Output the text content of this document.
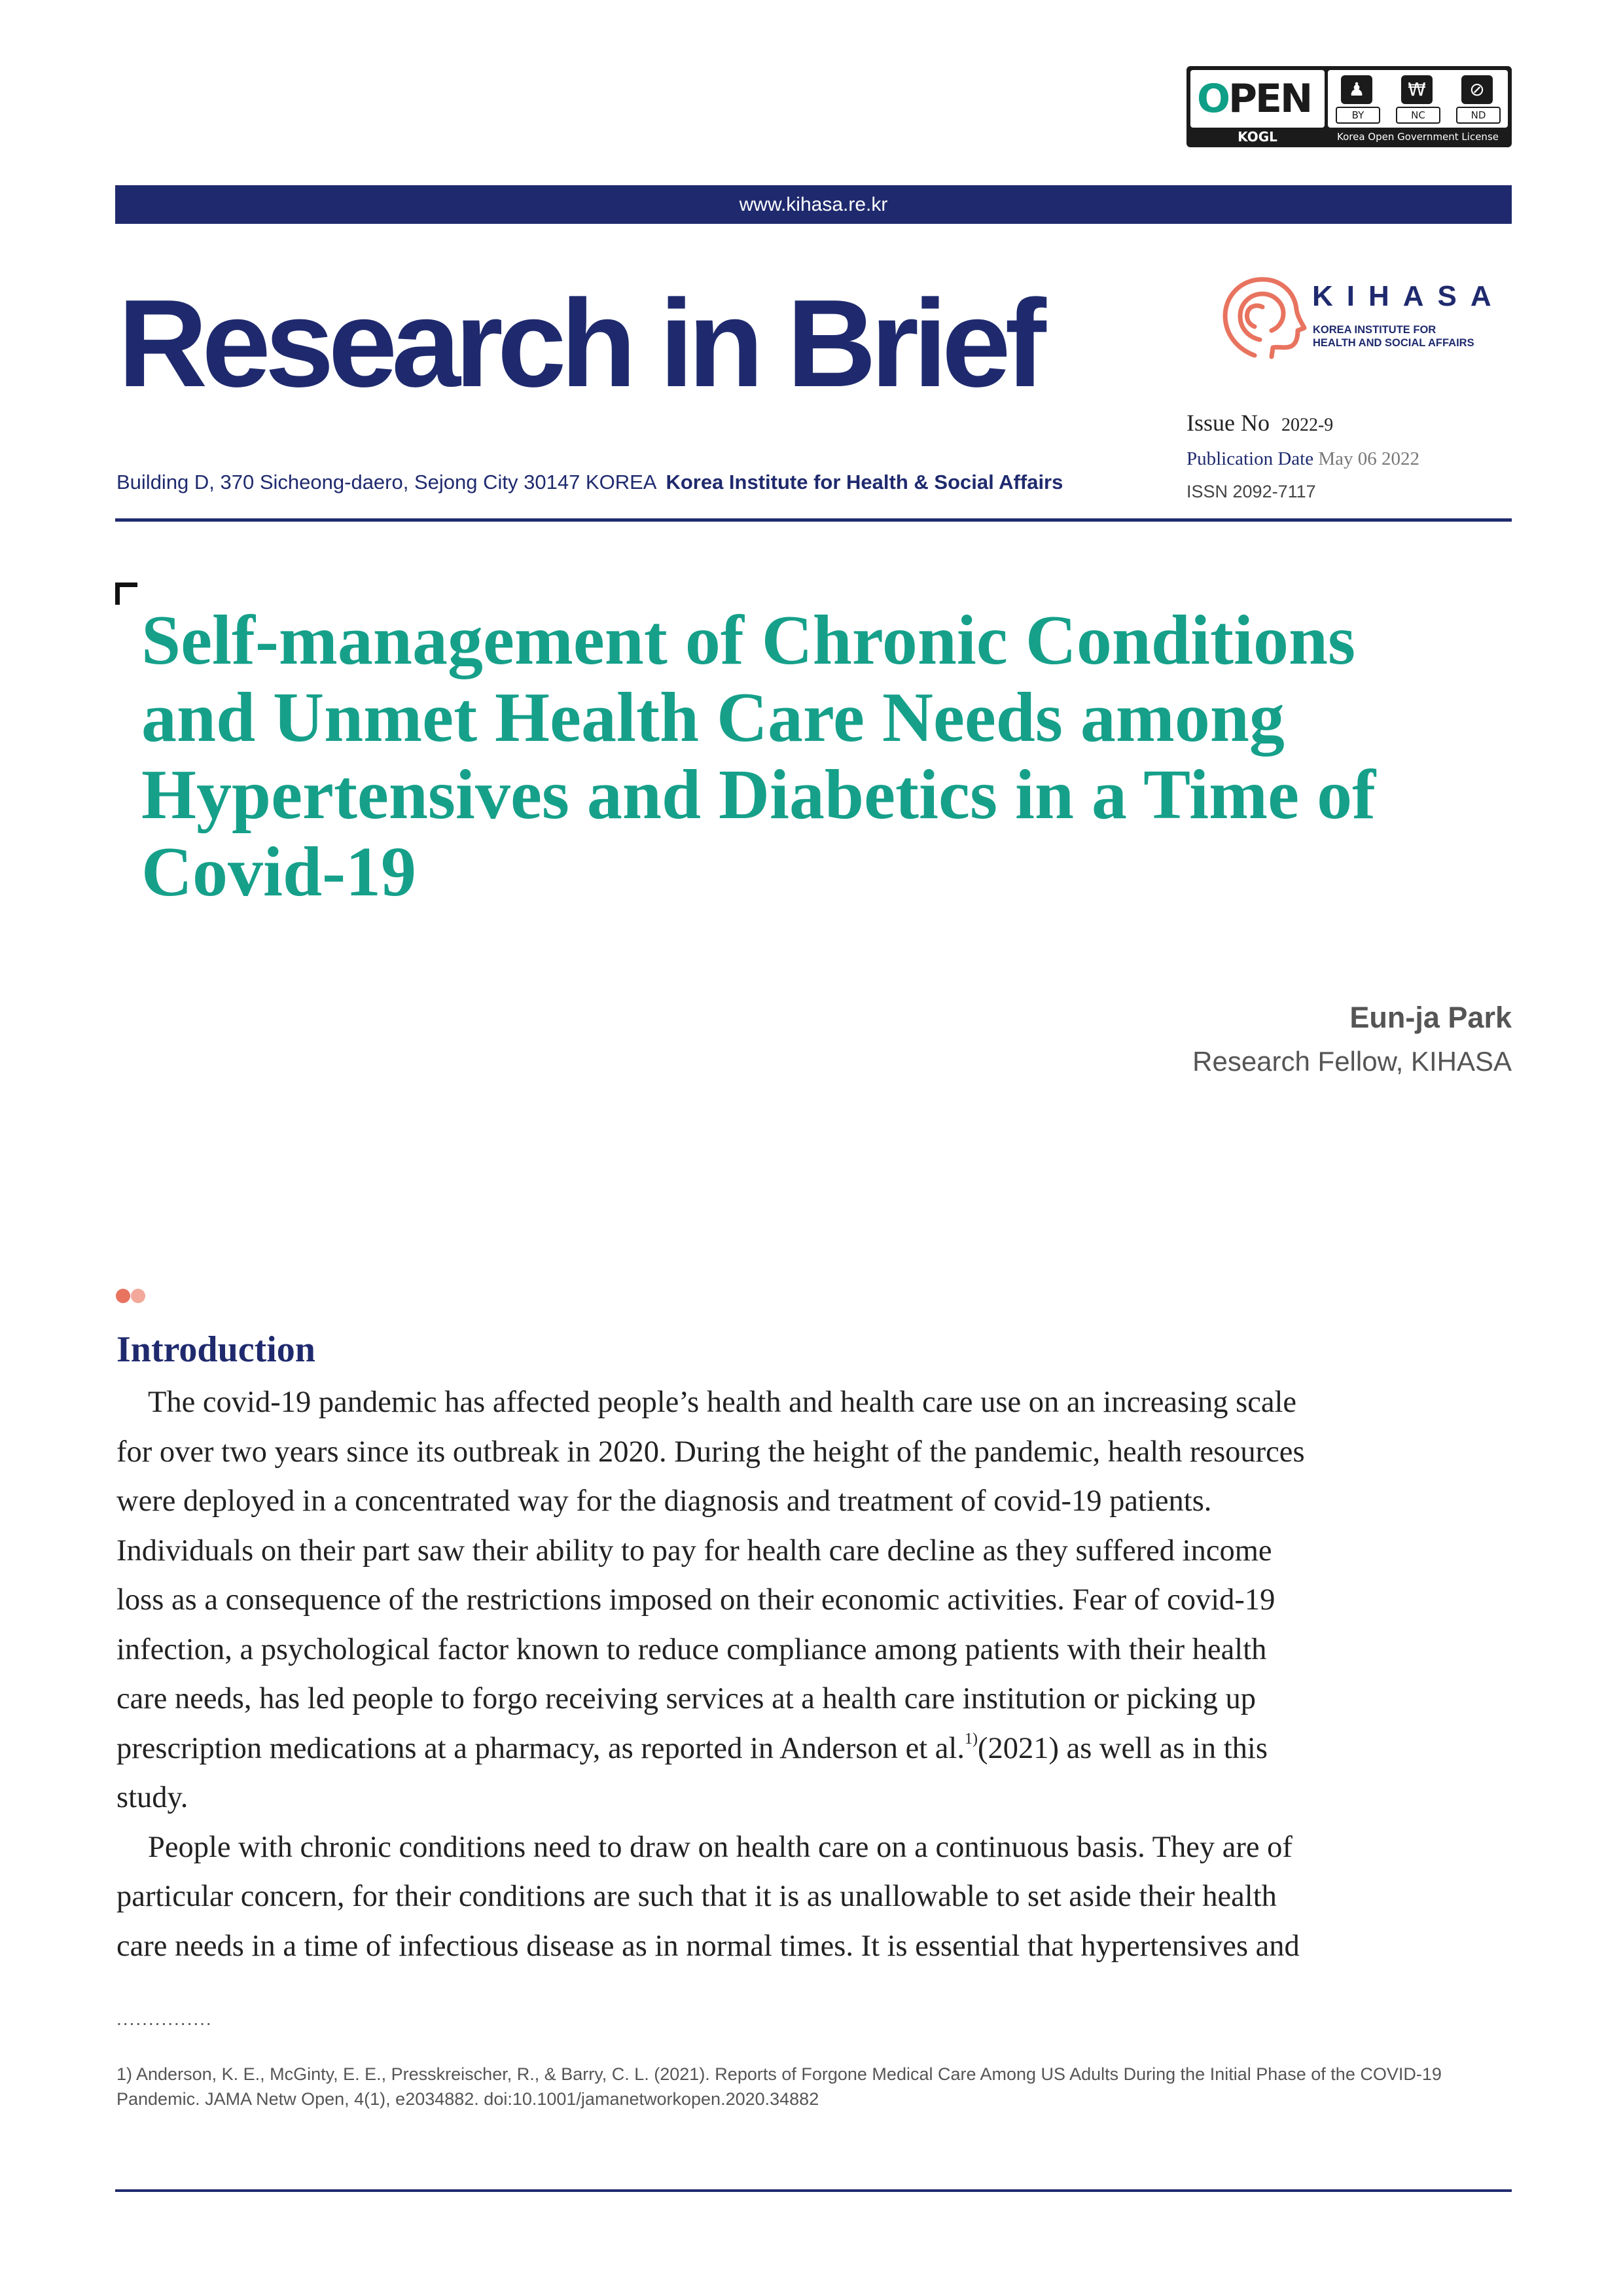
OPEN
KOGL
♟
BY
₩
NC
⊘
ND
Korea Open Government License
www.kihasa.re.kr
Research in Brief	KIHASA
KOREA INSTITUTE FOR
HEALTH AND SOCIAL AFFAIRS
Issue No 2022-9
Publication Date May 06 2022
ISSN 2092-7117
Building D, 370 Sicheong-daero, Sejong City 30147 KOREA Korea Institute for Health & Social Affairs
Self-management of Chronic Conditions
and Unmet Health Care Needs among
Hypertensives and Diabetics in a Time of
Covid-19
Eun-ja Park
Research Fellow, KIHASA
Introduction
The covid-19 pandemic has affected people’s health and health care use on an increasing scale
for over two years since its outbreak in 2020. During the height of the pandemic, health resources
were deployed in a concentrated way for the diagnosis and treatment of covid-19 patients.
Individuals on their part saw their ability to pay for health care decline as they suffered income
loss as a consequence of the restrictions imposed on their economic activities. Fear of covid-19
infection, a psychological factor known to reduce compliance among patients with their health
care needs, has led people to forgo receiving services at a health care institution or picking up
prescription medications at a pharmacy, as reported in Anderson et al.$^{1)}$(2021) as well as in this
study.
People with chronic conditions need to draw on health care on a continuous basis. They are of
particular concern, for their conditions are such that it is as unallowable to set aside their health
care needs in a time of infectious disease as in normal times. It is essential that hypertensives and
...............
1) Anderson, K. E., McGinty, E. E., Presskreischer, R., & Barry, C. L. (2021). Reports of Forgone Medical Care Among US Adults During the Initial Phase of the COVID-19
Pandemic. JAMA Netw Open, 4(1), e2034882. doi:10.1001/jamanetworkopen.2020.34882
